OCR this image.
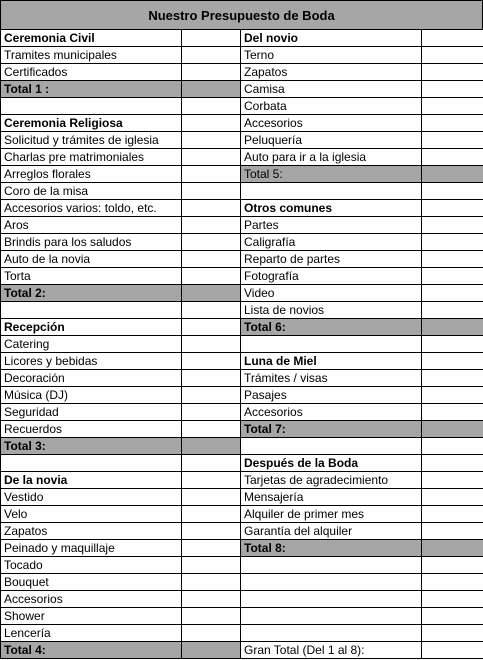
Nuestro Presupuesto de Boda
Ceremonia Civil		Del novio	
Tramites municipales		Terno	
Certificados		Zapatos	
Total 1 :		Camisa	
		Corbata	
Ceremonia Religiosa		Accesorios	
Solicitud y trámites de iglesia		Peluquería	
Charlas pre matrimoniales		Auto para ir a la iglesia	
Arreglos florales		Total 5:	
Coro de la misa			
Accesorios varios: toldo, etc.		Otros comunes	
Aros		Partes	
Brindis para los saludos		Caligrafía	
Auto de la novia		Reparto de partes	
Torta		Fotografía	
Total 2:		Video	
		Lista de novios	
Recepción		Total 6:	
Catering			
Licores y bebidas		Luna de Miel	
Decoración		Trámites / visas	
Música (DJ)		Pasajes	
Seguridad		Accesorios	
Recuerdos		Total 7:	
Total 3:			
		Después de la Boda	
De la novia		Tarjetas de agradecimiento	
Vestido		Mensajería	
Velo		Alquiler de primer mes	
Zapatos		Garantía del alquiler	
Peinado y maquillaje		Total 8:	
Tocado			
Bouquet			
Accesorios			
Shower			
Lencería			
Total 4:		Gran Total (Del 1 al 8):	
